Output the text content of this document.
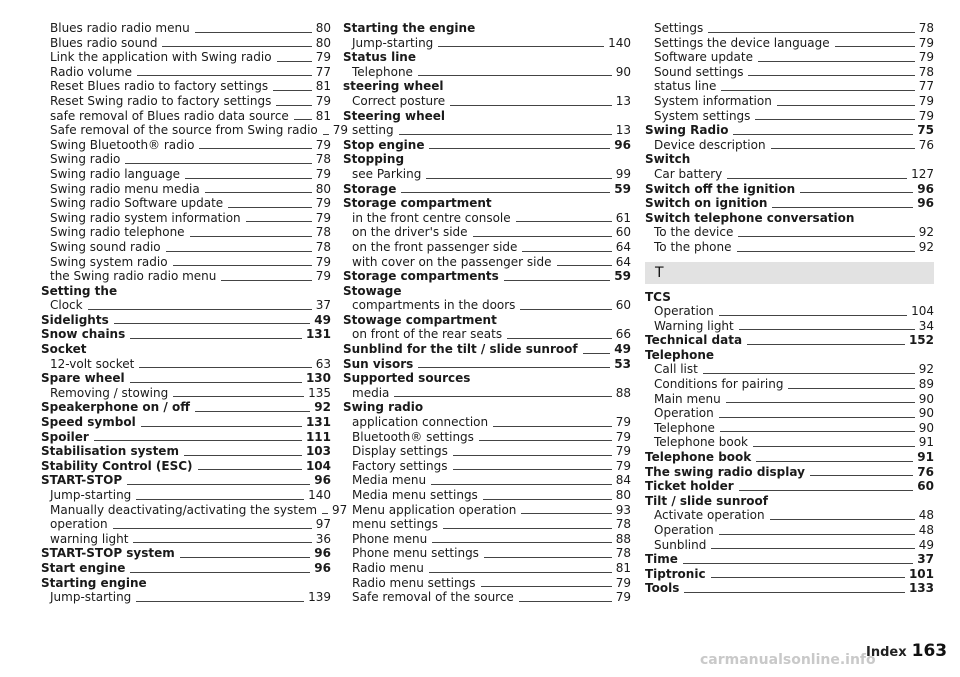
Blues radio radio menu	80
Blues radio sound	80
Link the application with Swing radio	79
Radio volume	77
Reset Blues radio to factory settings	81
Reset Swing radio to factory settings	79
safe removal of Blues radio data source 81
Safe removal of the source from Swing radio 79
Swing Bluetooth® radio	79
Swing radio	78
Swing radio language	79
Swing radio menu media	80
Swing radio Software update	79
Swing radio system information	79
Swing radio telephone	78
Swing sound radio	78
Swing system radio	79
the Swing radio radio menu	79
Setting the
Clock	37
Sidelights	49
Snow chains	131
Socket
12-volt socket	63
Spare wheel	130
Removing / stowing	135
Speakerphone on / off	92
Speed symbol	131
Spoiler	111
Stabilisation system	103
Stability Control (ESC)	104
START-STOP	96
Jump-starting	140
Manually deactivating/activating the system 97
operation	97
warning light	36
START-STOP system	96
Start engine	96
Starting engine
Jump-starting	139
Starting the engine
Jump-starting	140
Status line
Telephone	90
steering wheel
Correct posture	13
Steering wheel
setting	13
Stop engine	96
Stopping
see Parking	99
Storage	59
Storage compartment
in the front centre console	61
on the driver's side	60
on the front passenger side	64
with cover on the passenger side	64
Storage compartments	59
Stowage
compartments in the doors	60
Stowage compartment
on front of the rear seats	66
Sunblind for the tilt / slide sunroof	49
Sun visors	53
Supported sources
media	88
Swing radio
application connection	79
Bluetooth® settings	79
Display settings	79
Factory settings	79
Media menu	84
Media menu settings	80
Menu application operation	93
menu settings	78
Phone menu	88
Phone menu settings	78
Radio menu	81
Radio menu settings	79
Safe removal of the source	79
Settings	78
Settings the device language	79
Software update	79
Sound settings	78
status line	77
System information	79
System settings	79
Swing Radio	75
Device description	76
Switch
Car battery	127
Switch off the ignition	96
Switch on ignition	96
Switch telephone conversation
To the device	92
To the phone	92
T
TCS
Operation	104
Warning light	34
Technical data	152
Telephone
Call list	92
Conditions for pairing	89
Main menu	90
Operation	90
Telephone	90
Telephone book	91
Telephone book	91
The swing radio display	76
Ticket holder	60
Tilt / slide sunroof
Activate operation	48
Operation	48
Sunblind	49
Time	37
Tiptronic	101
Tools	133
Index 163
carmanualsonline.info
